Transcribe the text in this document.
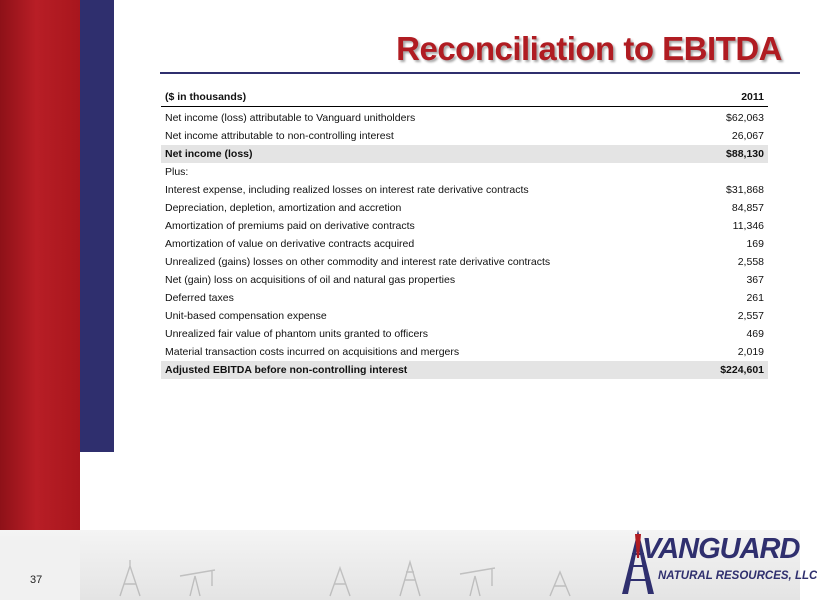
37
Reconciliation to EBITDA
($ in thousands)	2011

Net income (loss) attributable to Vanguard unitholders	$62,063
Net income attributable to non-controlling interest	26,067
Net income (loss)	$88,130
Plus:	
Interest expense, including realized losses on interest rate derivative contracts	$31,868
Depreciation, depletion, amortization and accretion	84,857
Amortization of premiums paid on derivative contracts	11,346
Amortization of value on derivative contracts acquired	169
Unrealized (gains) losses on other commodity and interest rate derivative contracts	2,558
Net (gain) loss on acquisitions of oil and natural gas properties	367
Deferred taxes	261
Unit-based compensation expense	2,557
Unrealized fair value of phantom units granted to officers	469
Material transaction costs incurred on acquisitions and mergers	2,019
Adjusted EBITDA before non-controlling interest	$224,601
VANGUARD
NATURAL RESOURCES, LLC
